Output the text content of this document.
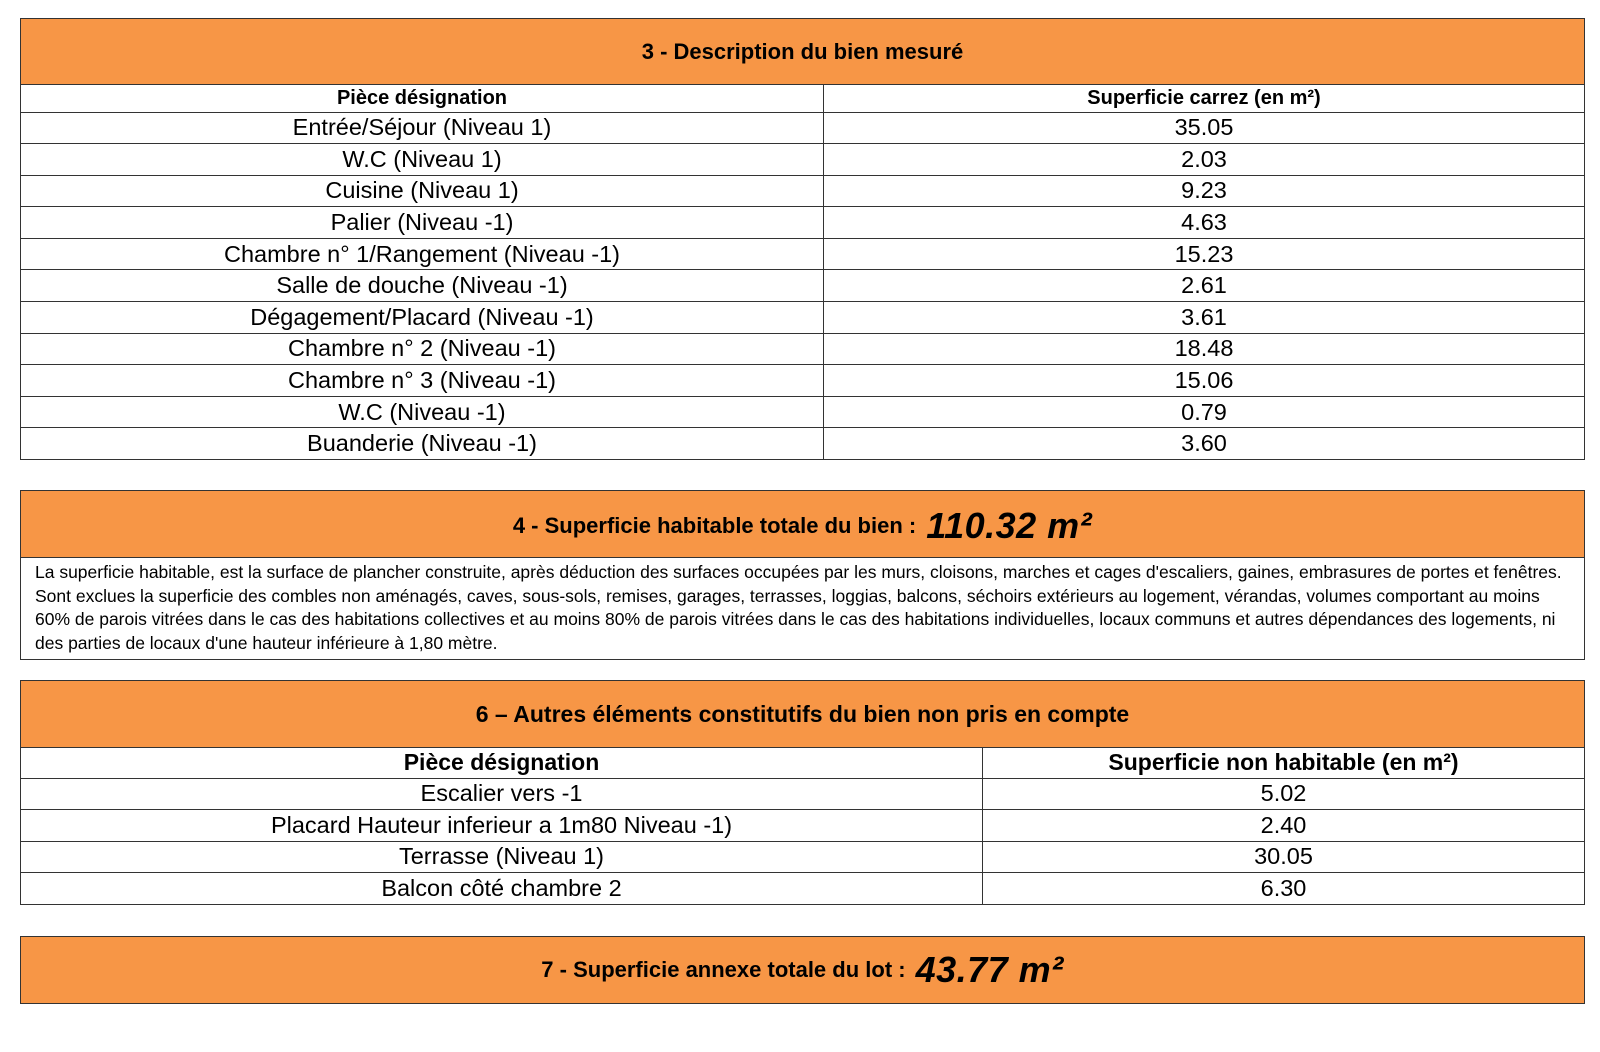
3 - Description du bien mesuré
Pièce désignation	Superficie carrez (en m²)
Entrée/Séjour (Niveau 1)	35.05
W.C (Niveau 1)	2.03
Cuisine (Niveau 1)	9.23
Palier (Niveau -1)	4.63
Chambre n° 1/Rangement (Niveau -1)	15.23
Salle de douche (Niveau -1)	2.61
Dégagement/Placard (Niveau -1)	3.61
Chambre n° 2 (Niveau -1)	18.48
Chambre n° 3 (Niveau -1)	15.06
W.C (Niveau -1)	0.79
Buanderie (Niveau -1)	3.60
4 - Superficie habitable totale du bien : 110.32 m²
La superficie habitable, est la surface de plancher construite, après déduction des surfaces occupées par les murs, cloisons, marches et cages d'escaliers, gaines, embrasures de portes et fenêtres. Sont exclues la superficie des combles non aménagés, caves, sous-sols, remises, garages, terrasses, loggias, balcons, séchoirs extérieurs au logement, vérandas, volumes comportant au moins 60% de parois vitrées dans le cas des habitations collectives et au moins 80% de parois vitrées dans le cas des habitations individuelles, locaux communs et autres dépendances des logements, ni des parties de locaux d'une hauteur inférieure à 1,80 mètre.
6 – Autres éléments constitutifs du bien non pris en compte
Pièce désignation	Superficie non habitable (en m²)
Escalier vers -1	5.02
Placard Hauteur inferieur a 1m80 Niveau -1)	2.40
Terrasse (Niveau 1)	30.05
Balcon côté chambre 2	6.30
7 - Superficie annexe totale du lot : 43.77 m²
